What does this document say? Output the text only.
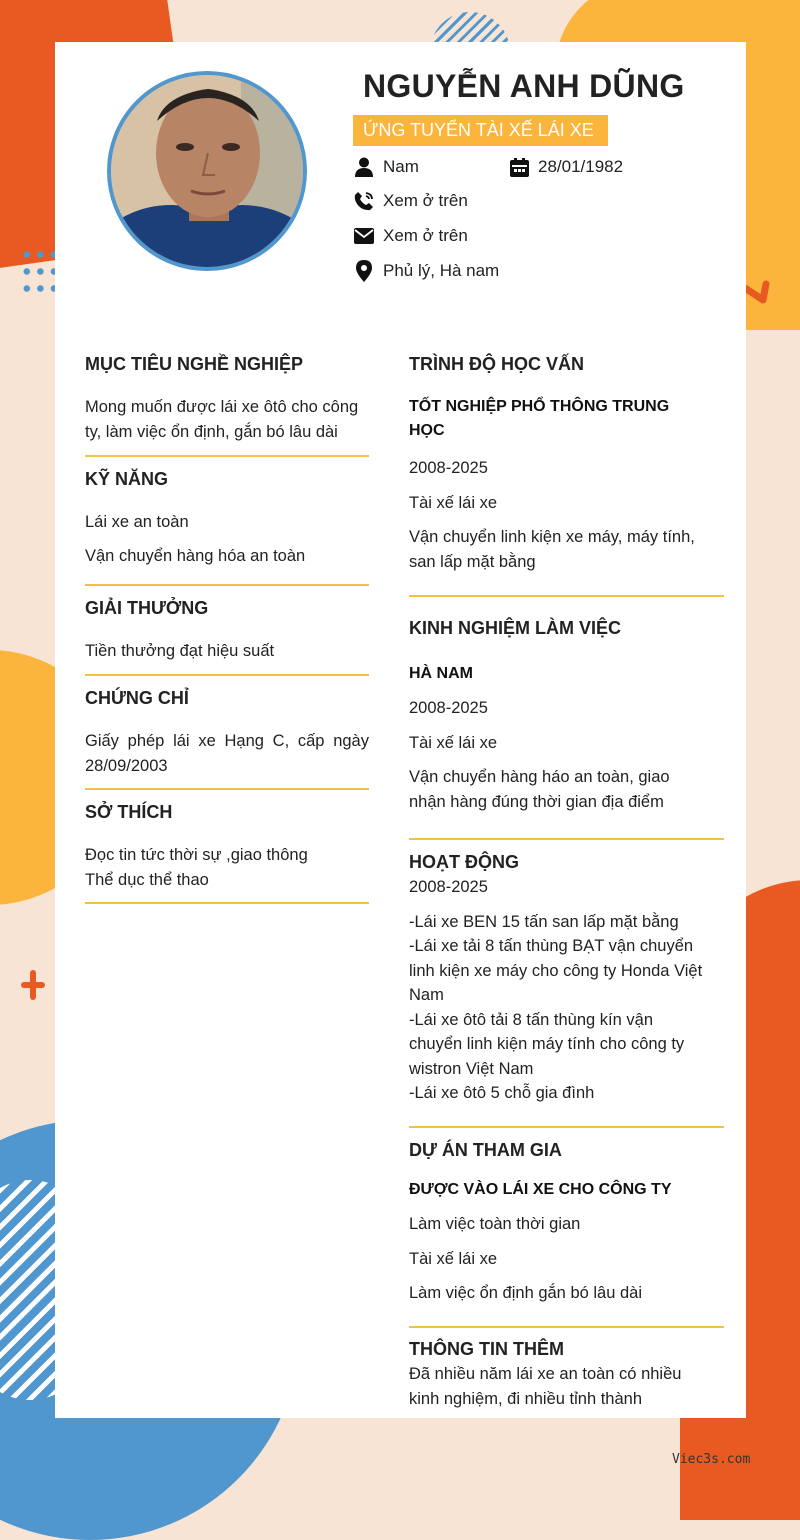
NGUYỄN ANH DŨNG
ỨNG TUYỂN TÀI XẾ LÁI XE
Nam	28/01/1982
Xem ở trên
Xem ở trên
Phủ lý, Hà nam
MỤC TIÊU NGHỀ NGHIỆP
Mong muốn được lái xe ôtô cho công ty, làm việc ổn định, gắn bó lâu dài
KỸ NĂNG
Lái xe an toàn
Vận chuyển hàng hóa an toàn
GIẢI THƯỞNG
Tiền thưởng đạt hiệu suất
CHỨNG CHỈ
Giấy phép lái xe Hạng C, cấp ngày 28/09/2003
SỞ THÍCH
Đọc tin tức thời sự ,giao thông
Thể dục thể thao
TRÌNH ĐỘ HỌC VẤN
TỐT NGHIỆP PHỔ THÔNG TRUNG HỌC
2008-2025
Tài xế lái xe
Vận chuyển linh kiện xe máy, máy tính, san lấp mặt bằng
KINH NGHIỆM LÀM VIỆC
HÀ NAM
2008-2025
Tài xế lái xe
Vận chuyển hàng háo an toàn, giao nhận hàng đúng thời gian địa điểm
HOẠT ĐỘNG
2008-2025
-Lái xe BEN 15 tấn san lấp mặt bằng
-Lái xe tải 8 tấn thùng BẠT vận chuyển linh kiện xe máy cho công ty Honda Việt Nam
-Lái xe ôtô tải 8 tấn thùng kín vận chuyển linh kiện máy tính cho công ty wistron Việt Nam
-Lái xe ôtô 5 chỗ gia đình
DỰ ÁN THAM GIA
ĐƯỢC VÀO LÁI XE CHO CÔNG TY
Làm việc toàn thời gian
Tài xế lái xe
Làm việc ổn định gắn bó lâu dài
THÔNG TIN THÊM
Đã nhiều năm lái xe an toàn có nhiều kinh nghiệm, đi nhiều tỉnh thành
Viec3s.com
